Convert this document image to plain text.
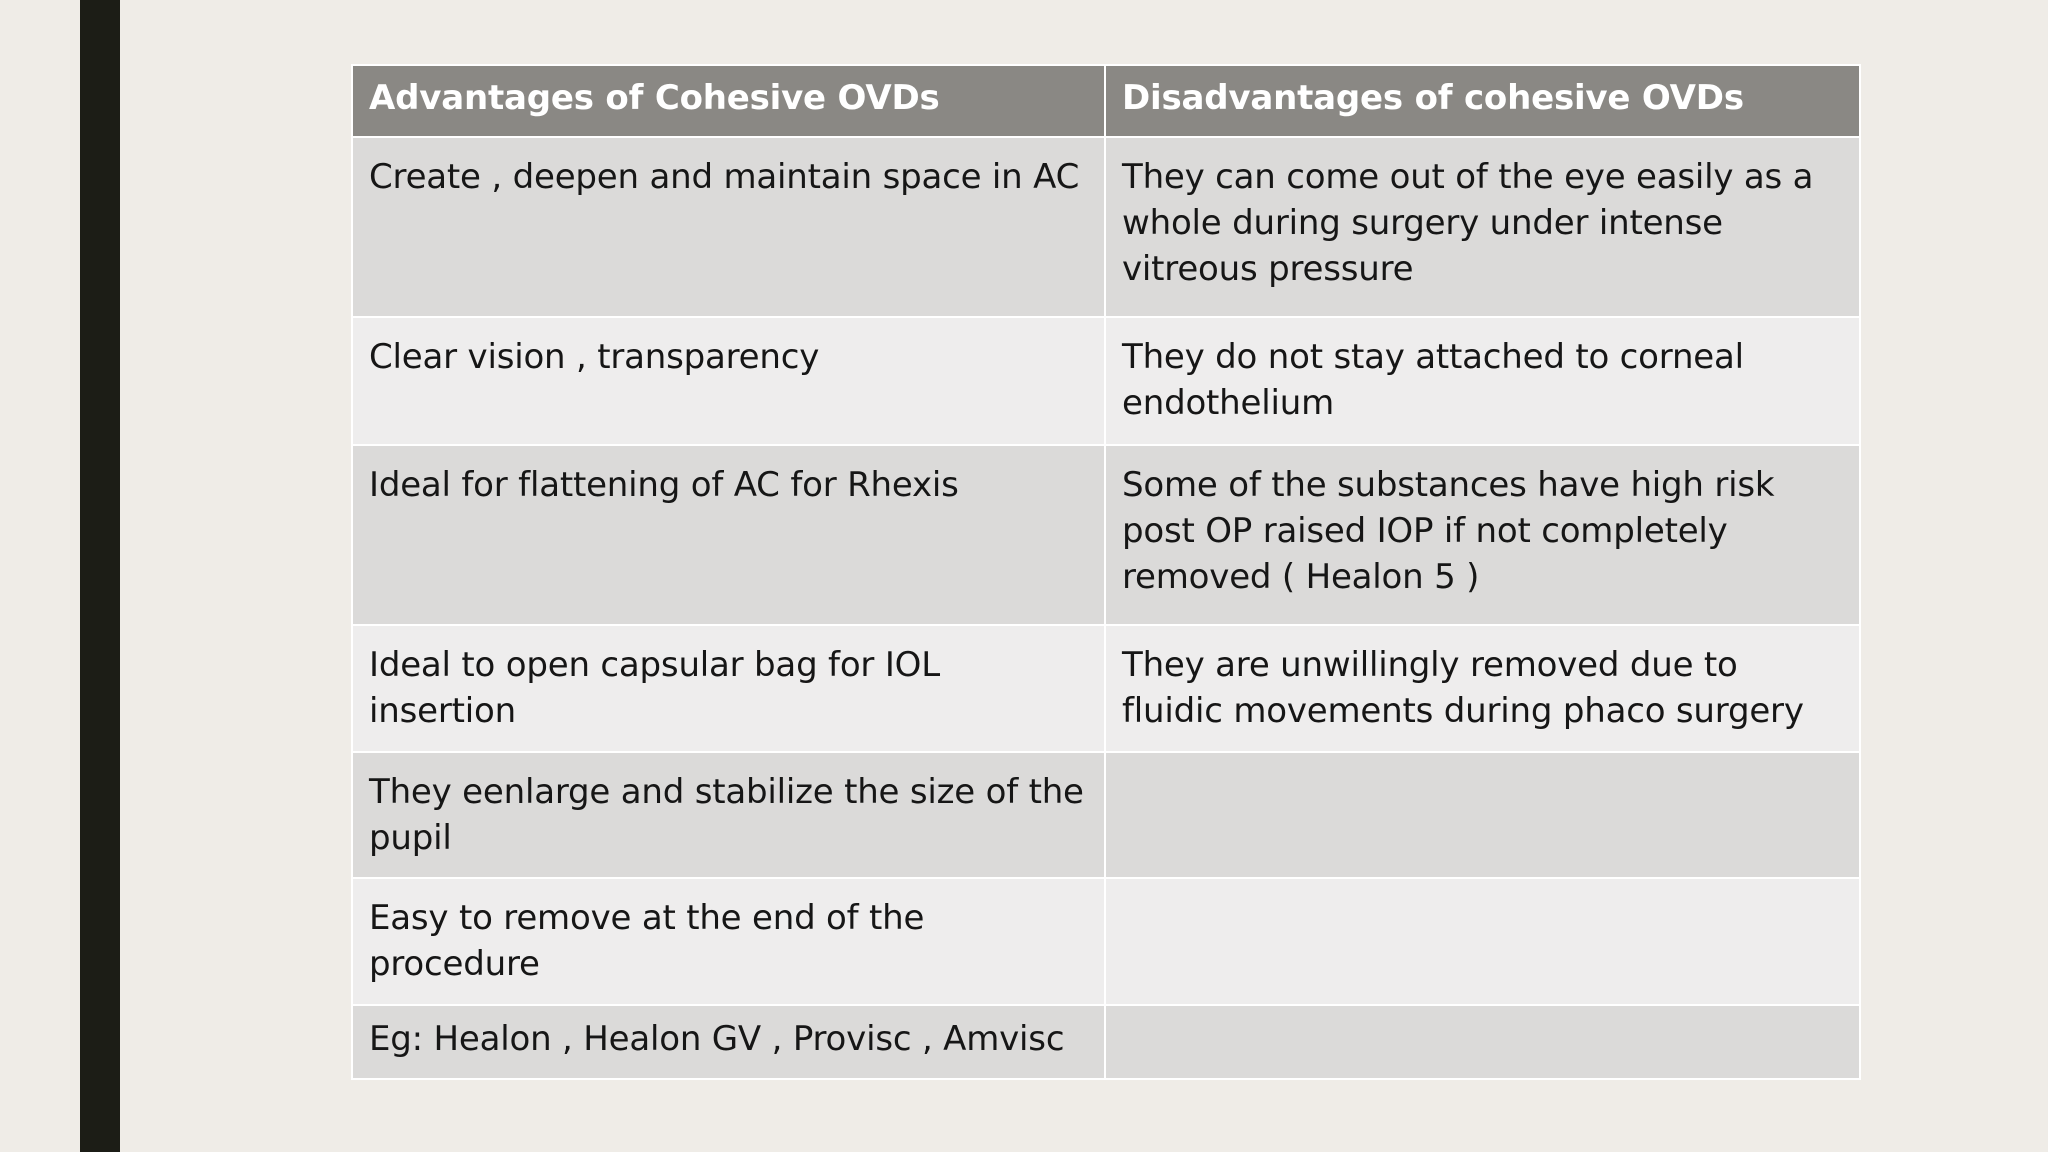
Advantages of Cohesive OVDs	Disadvantages of cohesive OVDs

Create , deepen and maintain space in AC	They can come out of the eye easily as a whole during surgery under intense vitreous pressure

Clear vision , transparency	They do not stay attached to corneal endothelium

Ideal for flattening of AC for Rhexis	Some of the substances have high risk post OP raised IOP if not completely removed ( Healon 5 )

Ideal to open capsular bag for IOL insertion	They are unwillingly removed due to fluidic movements during phaco surgery

They eenlarge and stabilize the size of the pupil	

Easy to remove at the end of the procedure	

Eg: Healon , Healon GV , Provisc , Amvisc	
